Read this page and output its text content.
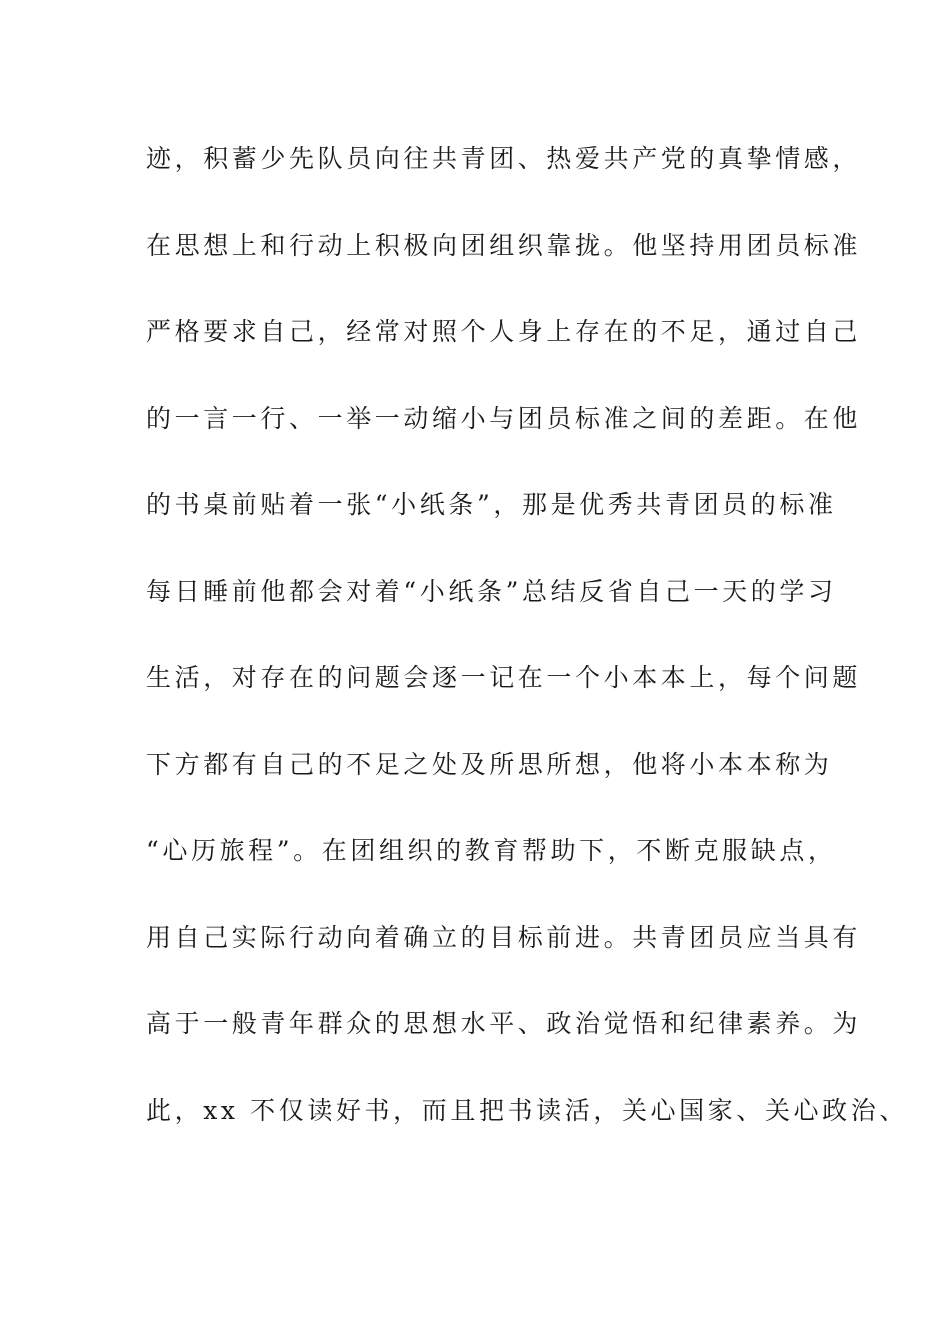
迹，积蓄少先队员向往共青团、热爱共产党的真挚情感，
在思想上和行动上积极向团组织靠拢。他坚持用团员标准
严格要求自己，经常对照个人身上存在的不足，通过自己
的一言一行、一举一动缩小与团员标准之间的差距。在他
的书桌前贴着一张“小纸条”，那是优秀共青团员的标准
每日睡前他都会对着“小纸条”总结反省自己一天的学习
生活，对存在的问题会逐一记在一个小本本上，每个问题
下方都有自己的不足之处及所思所想，他将小本本称为
“心历旅程”。在团组织的教育帮助下，不断克服缺点，
用自己实际行动向着确立的目标前进。共青团员应当具有
高于一般青年群众的思想水平、政治觉悟和纪律素养。为
此，xx 不仅读好书，而且把书读活，关心国家、关心政治、
